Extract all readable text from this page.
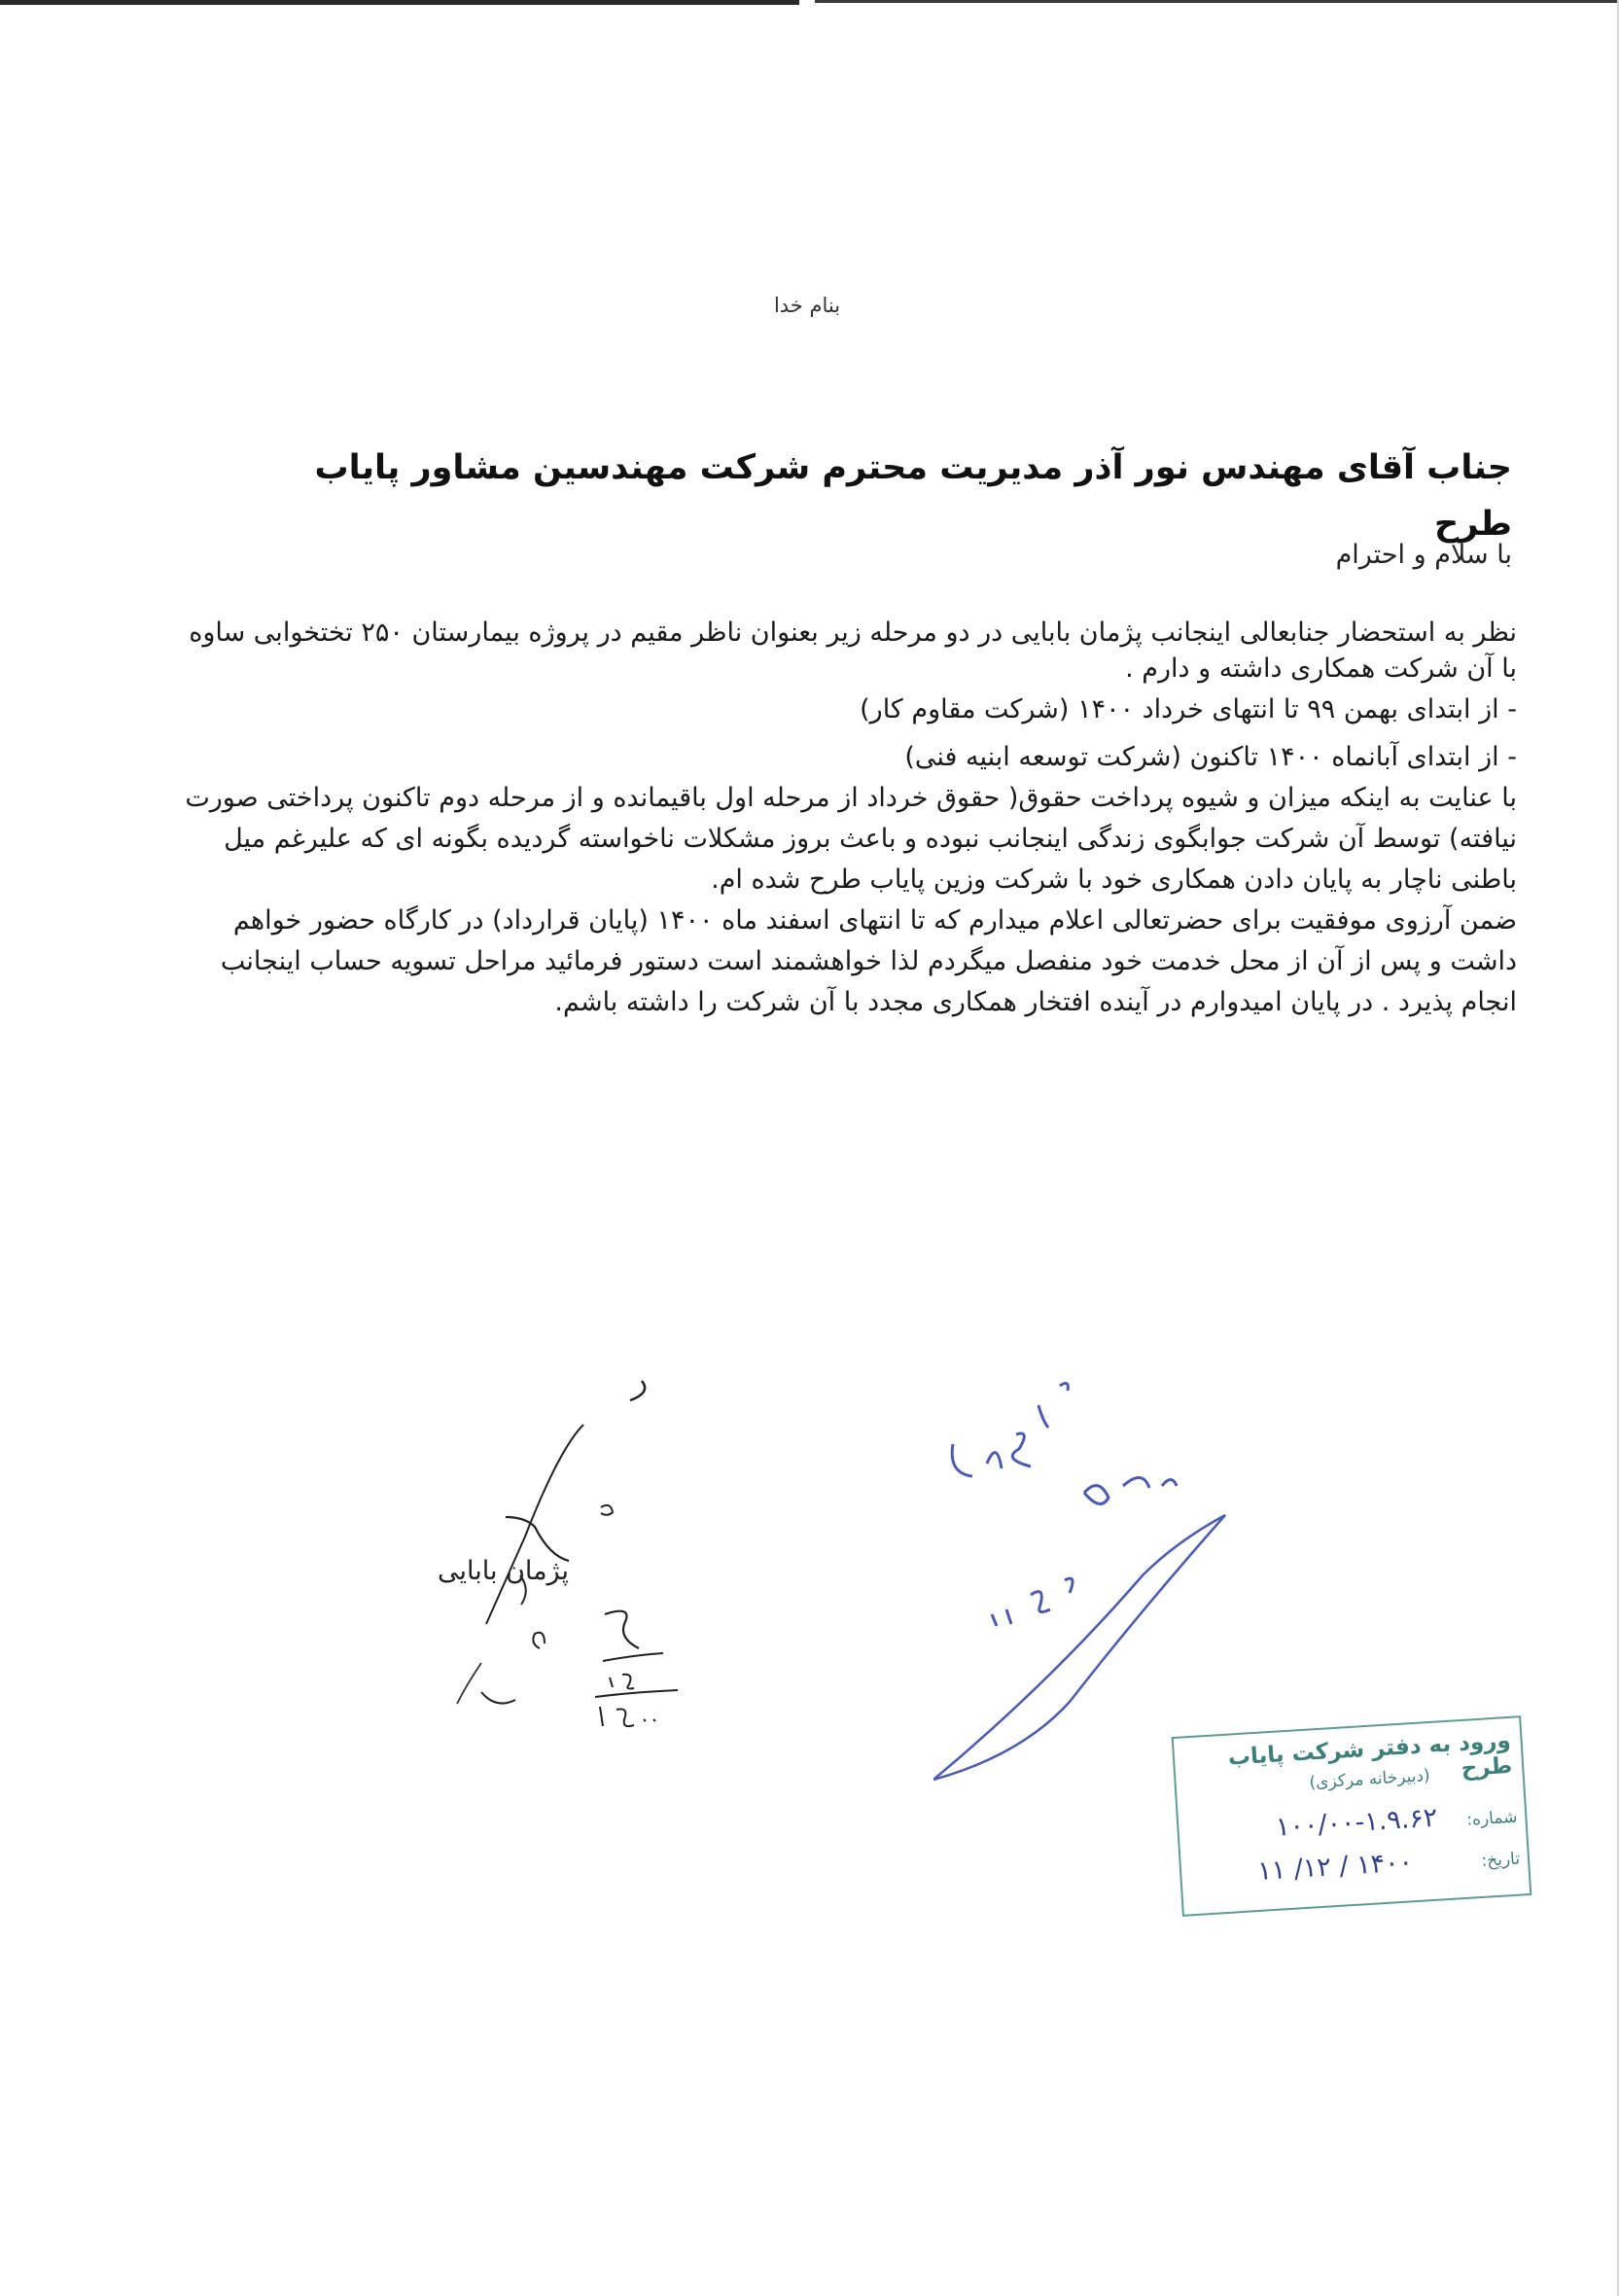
بنام خدا
جناب آقای مهندس نور آذر مدیریت محترم شرکت مهندسین مشاور پایاب طرح
با سلام و احترام

نظر به استحضار جنابعالی اینجانب پژمان بابایی در دو مرحله زیر بعنوان ناظر مقیم در پروژه بیمارستان ۲۵۰ تختخوابی ساوه

با آن شرکت همکاری داشته و دارم .

- از ابتدای بهمن ۹۹ تا انتهای خرداد ۱۴۰۰ (شرکت مقاوم کار)

- از ابتدای آبانماه ۱۴۰۰ تاکنون (شرکت توسعه ابنیه فنی)

با عنایت به اینکه میزان و شیوه پرداخت حقوق( حقوق خرداد از مرحله اول باقیمانده و از مرحله دوم تاکنون پرداختی صورت

نیافته) توسط آن شرکت جوابگوی زندگی اینجانب نبوده و باعث بروز مشکلات ناخواسته گردیده بگونه ای که علیرغم میل

باطنی ناچار به پایان دادن همکاری خود با شرکت وزین پایاب طرح شده ام.

ضمن آرزوی موفقیت برای حضرتعالی اعلام میدارم که تا انتهای اسفند ماه ۱۴۰۰ (پایان قرارداد) در کارگاه حضور خواهم

داشت و پس از آن از محل خدمت خود منفصل میگردم لذا خواهشمند است دستور فرمائید مراحل تسویه حساب اینجانب

انجام پذیرد . در پایان امیدوارم در آینده افتخار همکاری مجدد با آن شرکت را داشته باشم.

پژمان بابایی
ورود به دفتر شرکت پایاب طرح
(دبیرخانه مرکزی)
شماره:
تاریخ:
۱۰۰/۰۰-۱.۹.۶۲
۱۴۰۰ / ۱۲/ ۱۱
